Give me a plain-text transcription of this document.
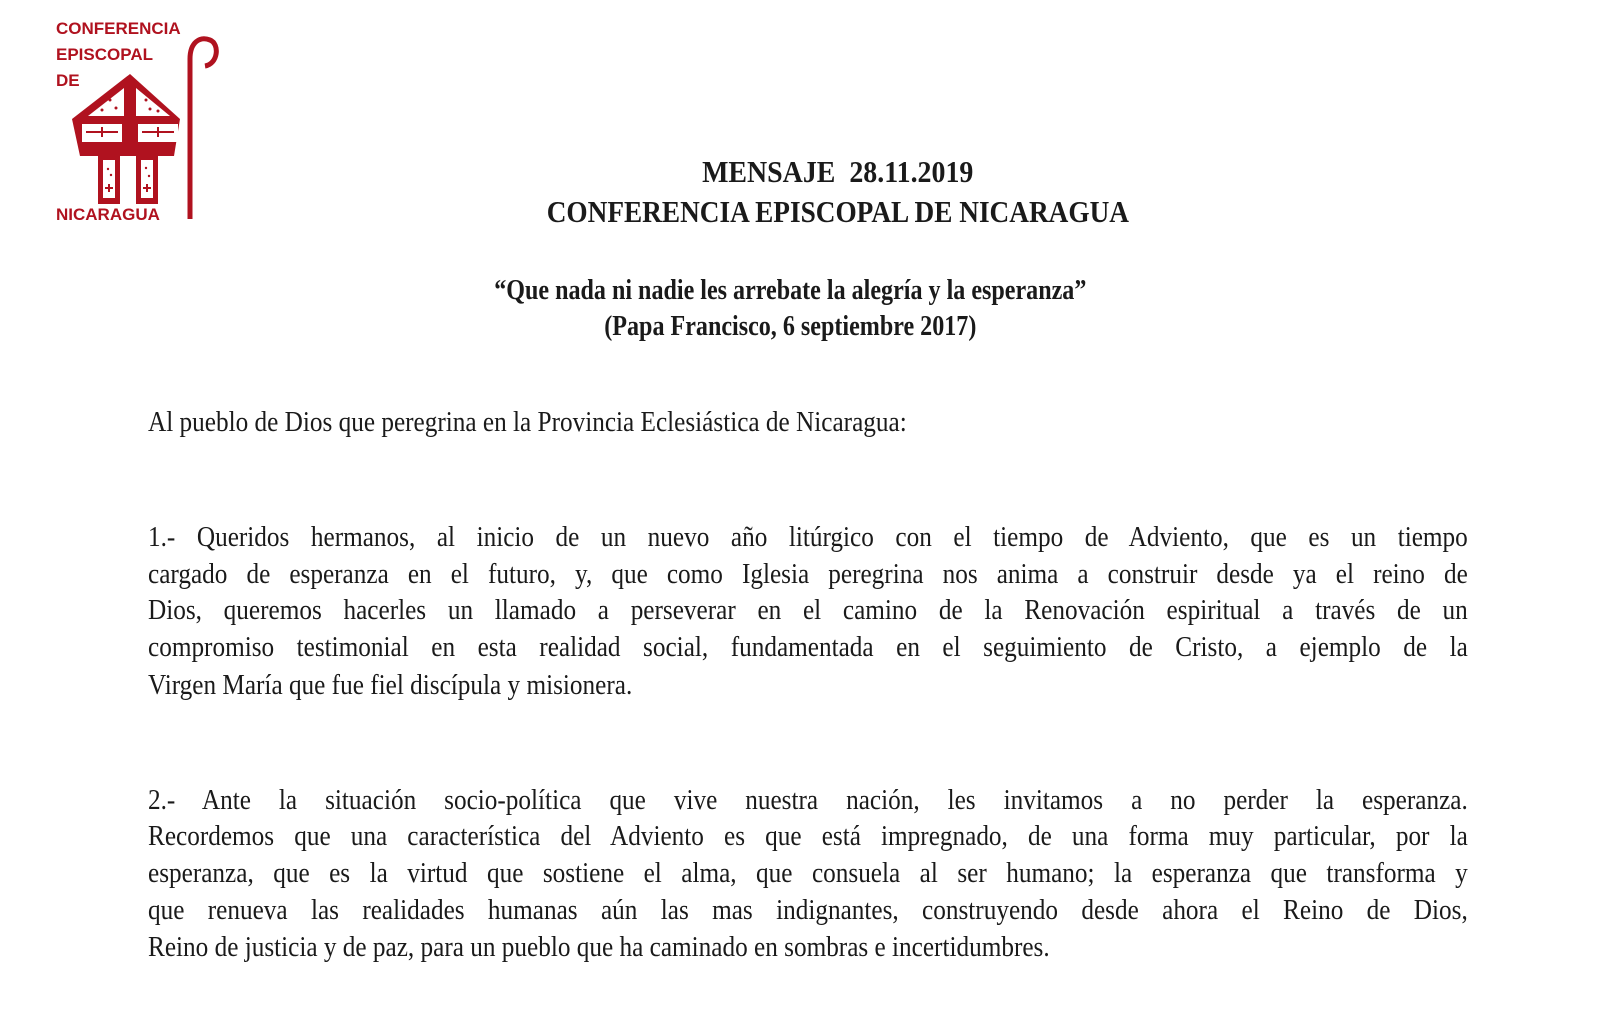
CONFERENCIA
EPISCOPAL
DE
NICARAGUA
MENSAJE  28.11.2019
CONFERENCIA EPISCOPAL DE NICARAGUA
“Que nada ni nadie les arrebate la alegría y la esperanza”
(Papa Francisco, 6 septiembre 2017)
Al pueblo de Dios que peregrina en la Provincia Eclesiástica de Nicaragua:
1.- Queridos hermanos, al inicio de un nuevo año litúrgico con el tiempo de Adviento, que es un tiempo
cargado de esperanza en el futuro, y, que como Iglesia peregrina nos anima a construir desde ya el reino de
Dios, queremos hacerles un llamado a perseverar en el camino de la Renovación espiritual a través de un
compromiso testimonial en esta realidad social, fundamentada en el seguimiento de Cristo, a ejemplo de la
Virgen María que fue fiel discípula y misionera.
2.- Ante la situación socio-política que vive nuestra nación, les invitamos a no perder la esperanza.
Recordemos que una característica del Adviento es que está impregnado, de una forma muy particular, por la
esperanza, que es la virtud que sostiene el alma, que consuela al ser humano; la esperanza que transforma y
que renueva las realidades humanas aún las mas indignantes, construyendo desde ahora el Reino de Dios,
Reino de justicia y de paz, para un pueblo que ha caminado en sombras e incertidumbres.
